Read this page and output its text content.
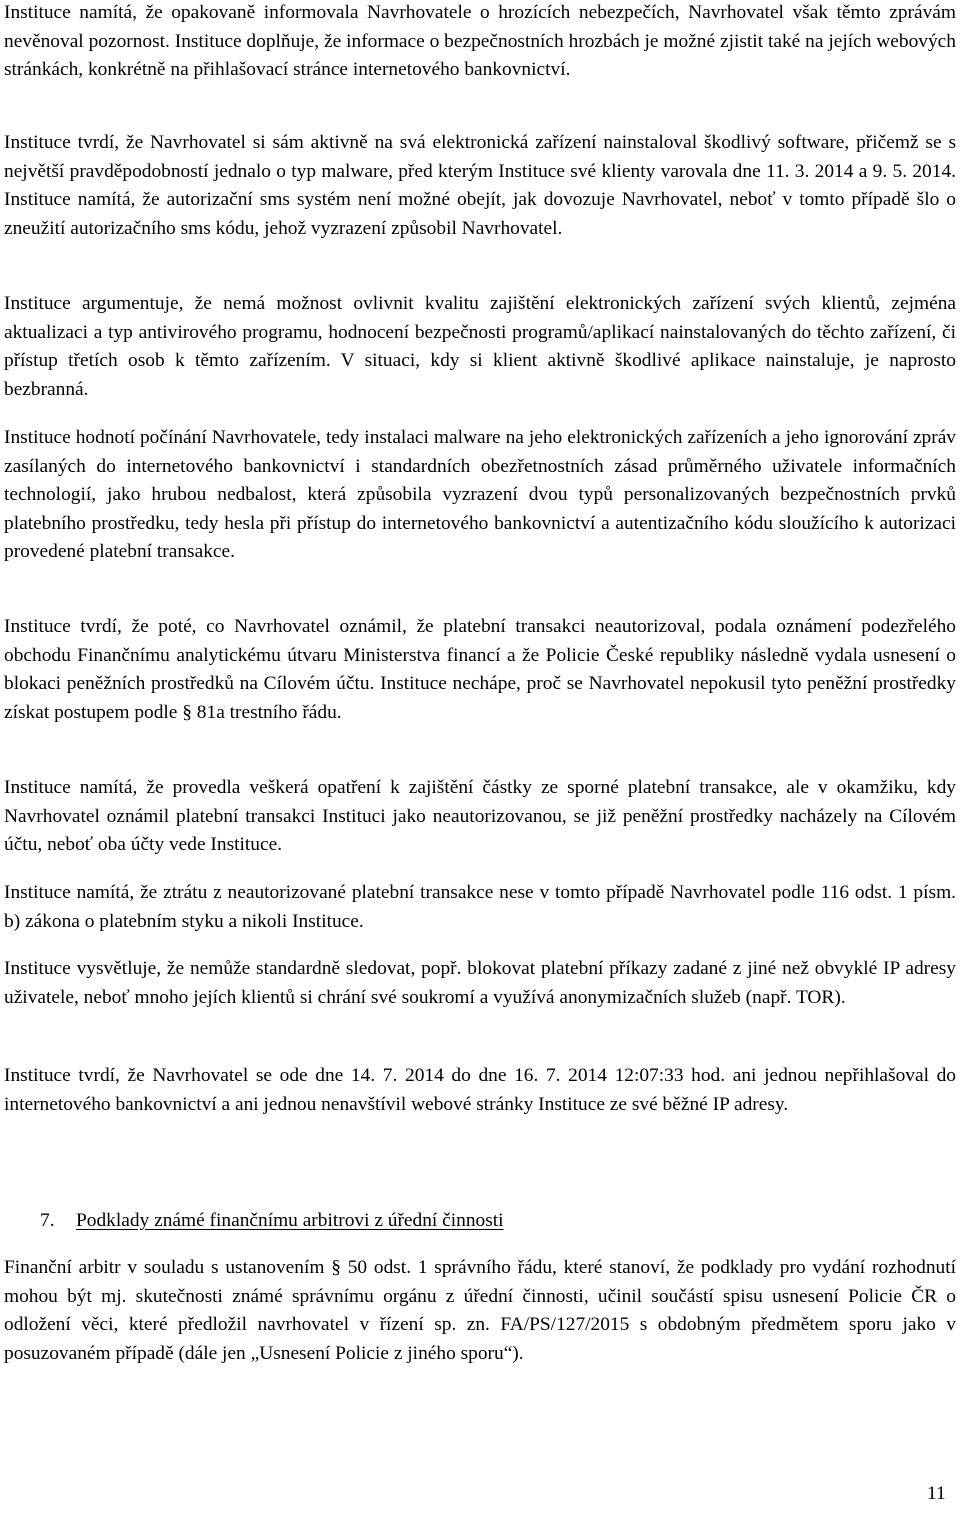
Instituce namítá, že opakovaně informovala Navrhovatele o hrozících nebezpečích, Navrhovatel však těmto zprávám nevěnoval pozornost. Instituce doplňuje, že informace o bezpečnostních hrozbách je možné zjistit také na jejích webových stránkách, konkrétně na přihlašovací stránce internetového bankovnictví.

Instituce tvrdí, že Navrhovatel si sám aktivně na svá elektronická zařízení nainstaloval škodlivý software, přičemž se s největší pravděpodobností jednalo o typ malware, před kterým Instituce své klienty varovala dne 11. 3. 2014 a 9. 5. 2014. Instituce namítá, že autorizační sms systém není možné obejít, jak dovozuje Navrhovatel, neboť v tomto případě šlo o zneužití autorizačního sms kódu, jehož vyzrazení způsobil Navrhovatel.

Instituce argumentuje, že nemá možnost ovlivnit kvalitu zajištění elektronických zařízení svých klientů, zejména aktualizaci a typ antivirového programu, hodnocení bezpečnosti programů/aplikací nainstalovaných do těchto zařízení, či přístup třetích osob k těmto zařízením. V situaci, kdy si klient aktivně škodlivé aplikace nainstaluje, je naprosto bezbranná.

Instituce hodnotí počínání Navrhovatele, tedy instalaci malware na jeho elektronických zařízeních a jeho ignorování zpráv zasílaných do internetového bankovnictví i standardních obezřetnostních zásad průměrného uživatele informačních technologií, jako hrubou nedbalost, která způsobila vyzrazení dvou typů personalizovaných bezpečnostních prvků platebního prostředku, tedy hesla při přístup do internetového bankovnictví a autentizačního kódu sloužícího k autorizaci provedené platební transakce.

Instituce tvrdí, že poté, co Navrhovatel oznámil, že platební transakci neautorizoval, podala oznámení podezřelého obchodu Finančnímu analytickému útvaru Ministerstva financí a že Policie České republiky následně vydala usnesení o blokaci peněžních prostředků na Cílovém účtu. Instituce nechápe, proč se Navrhovatel nepokusil tyto peněžní prostředky získat postupem podle § 81a trestního řádu.

Instituce namítá, že provedla veškerá opatření k zajištění částky ze sporné platební transakce, ale v okamžiku, kdy Navrhovatel oznámil platební transakci Instituci jako neautorizovanou, se již peněžní prostředky nacházely na Cílovém účtu, neboť oba účty vede Instituce.

Instituce namítá, že ztrátu z neautorizované platební transakce nese v tomto případě Navrhovatel podle 116 odst. 1 písm. b) zákona o platebním styku a nikoli Instituce.

Instituce vysvětluje, že nemůže standardně sledovat, popř. blokovat platební příkazy zadané z jiné než obvyklé IP adresy uživatele, neboť mnoho jejích klientů si chrání své soukromí a využívá anonymizačních služeb (např. TOR).

Instituce tvrdí, že Navrhovatel se ode dne 14. 7. 2014 do dne 16. 7. 2014 12:07:33 hod. ani jednou nepřihlašoval do internetového bankovnictví a ani jednou nenavštívil webové stránky Instituce ze své běžné IP adresy.

7. Podklady známé finančnímu arbitrovi z úřední činnosti

Finanční arbitr v souladu s ustanovením § 50 odst. 1 správního řádu, které stanoví, že podklady pro vydání rozhodnutí mohou být mj. skutečnosti známé správnímu orgánu z úřední činnosti, učinil součástí spisu usnesení Policie ČR o odložení věci, které předložil navrhovatel v řízení sp. zn. FA/PS/127/2015 s obdobným předmětem sporu jako v posuzovaném případě (dále jen „Usnesení Policie z jiného sporu“).

11
